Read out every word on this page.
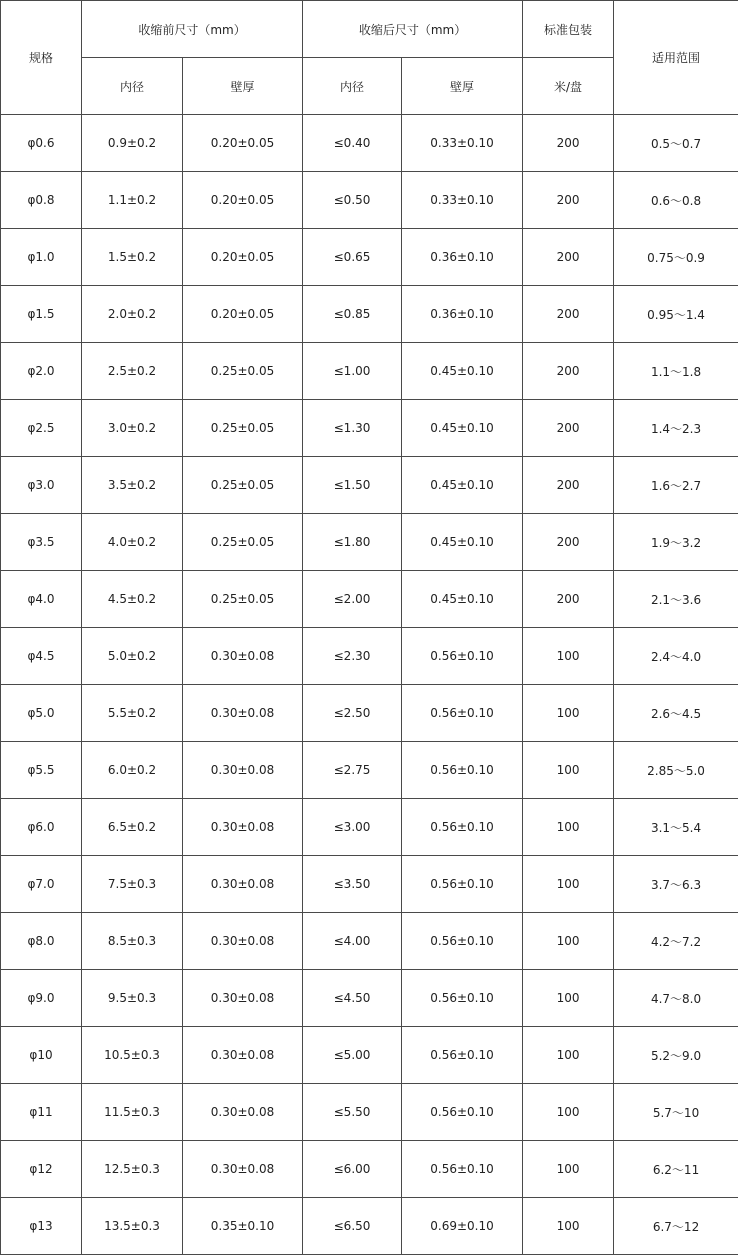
规格	收缩前尺寸（mm）		收缩后尺寸（mm）		标准包装	适用范围
	内径	壁厚	内径	壁厚	米/盘	
φ0.6	0.9±0.2	0.20±0.05	≤0.40	0.33±0.10	200	0.5～0.7
φ0.8	1.1±0.2	0.20±0.05	≤0.50	0.33±0.10	200	0.6～0.8
φ1.0	1.5±0.2	0.20±0.05	≤0.65	0.36±0.10	200	0.75～0.9
φ1.5	2.0±0.2	0.20±0.05	≤0.85	0.36±0.10	200	0.95～1.4
φ2.0	2.5±0.2	0.25±0.05	≤1.00	0.45±0.10	200	1.1～1.8
φ2.5	3.0±0.2	0.25±0.05	≤1.30	0.45±0.10	200	1.4～2.3
φ3.0	3.5±0.2	0.25±0.05	≤1.50	0.45±0.10	200	1.6～2.7
φ3.5	4.0±0.2	0.25±0.05	≤1.80	0.45±0.10	200	1.9～3.2
φ4.0	4.5±0.2	0.25±0.05	≤2.00	0.45±0.10	200	2.1～3.6
φ4.5	5.0±0.2	0.30±0.08	≤2.30	0.56±0.10	100	2.4～4.0
φ5.0	5.5±0.2	0.30±0.08	≤2.50	0.56±0.10	100	2.6～4.5
φ5.5	6.0±0.2	0.30±0.08	≤2.75	0.56±0.10	100	2.85～5.0
φ6.0	6.5±0.2	0.30±0.08	≤3.00	0.56±0.10	100	3.1～5.4
φ7.0	7.5±0.3	0.30±0.08	≤3.50	0.56±0.10	100	3.7～6.3
φ8.0	8.5±0.3	0.30±0.08	≤4.00	0.56±0.10	100	4.2～7.2
φ9.0	9.5±0.3	0.30±0.08	≤4.50	0.56±0.10	100	4.7～8.0
φ10	10.5±0.3	0.30±0.08	≤5.00	0.56±0.10	100	5.2～9.0
φ11	11.5±0.3	0.30±0.08	≤5.50	0.56±0.10	100	5.7～10
φ12	12.5±0.3	0.30±0.08	≤6.00	0.56±0.10	100	6.2～11
φ13	13.5±0.3	0.35±0.10	≤6.50	0.69±0.10	100	6.7～12
